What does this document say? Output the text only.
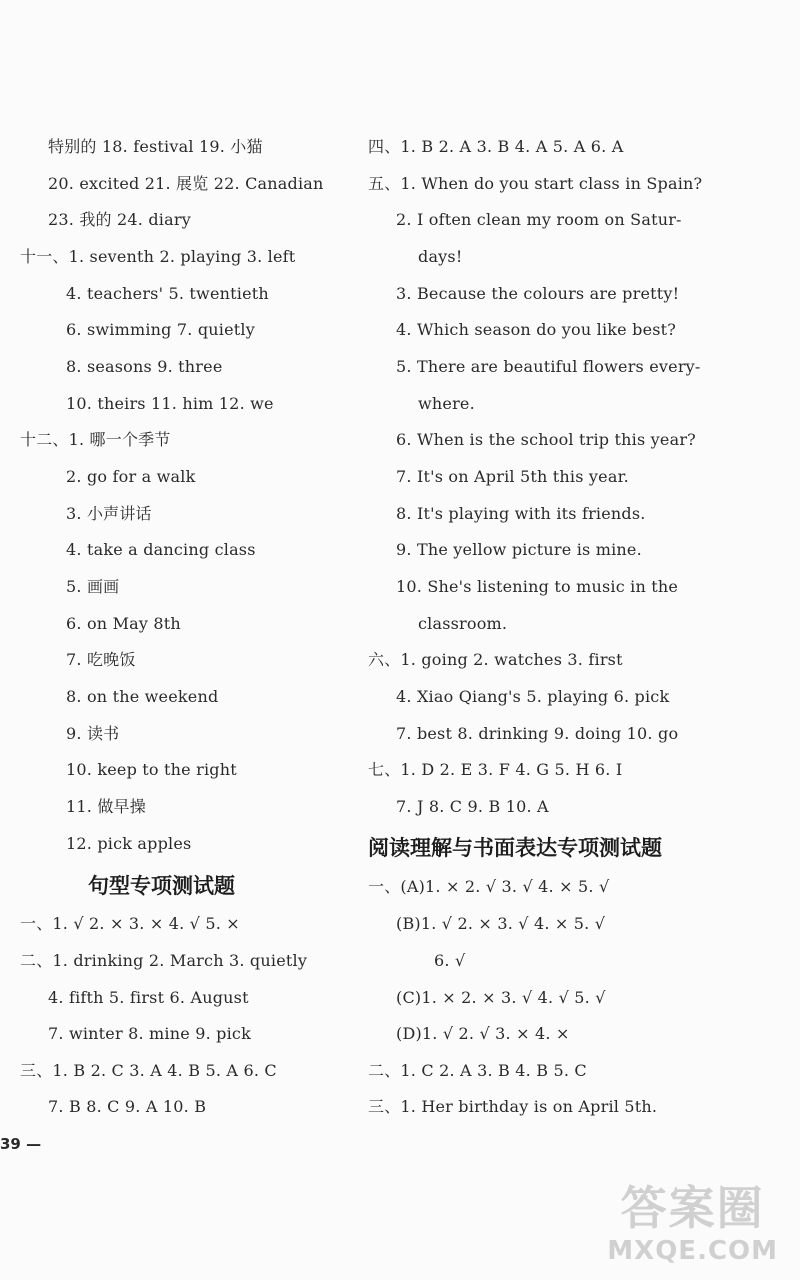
特别的 18. festival 19. 小猫
20. excited 21. 展览 22. Canadian
23. 我的 24. diary
十一、1. seventh 2. playing 3. left
4. teachers' 5. twentieth
6. swimming 7. quietly
8. seasons 9. three
10. theirs 11. him 12. we
十二、1. 哪一个季节
2. go for a walk
3. 小声讲话
4. take a dancing class
5. 画画
6. on May 8th
7. 吃晚饭
8. on the weekend
9. 读书
10. keep to the right
11. 做早操
12. pick apples
句型专项测试题
一、1. √ 2. × 3. × 4. √ 5. ×
二、1. drinking 2. March 3. quietly
4. fifth 5. first 6. August
7. winter 8. mine 9. pick
三、1. B 2. C 3. A 4. B 5. A 6. C
7. B 8. C 9. A 10. B
四、1. B 2. A 3. B 4. A 5. A 6. A
五、1. When do you start class in Spain?
2. I often clean my room on Satur-
days!
3. Because the colours are pretty!
4. Which season do you like best?
5. There are beautiful flowers every-
where.
6. When is the school trip this year?
7. It's on April 5th this year.
8. It's playing with its friends.
9. The yellow picture is mine.
10. She's listening to music in the
classroom.
六、1. going 2. watches 3. first
4. Xiao Qiang's 5. playing 6. pick
7. best 8. drinking 9. doing 10. go
七、1. D 2. E 3. F 4. G 5. H 6. I
7. J 8. C 9. B 10. A
阅读理解与书面表达专项测试题
一、(A)1. × 2. √ 3. √ 4. × 5. √
(B)1. √ 2. × 3. √ 4. × 5. √
6. √
(C)1. × 2. × 3. √ 4. √ 5. √
(D)1. √ 2. √ 3. × 4. ×
二、1. C 2. A 3. B 4. B 5. C
三、1. Her birthday is on April 5th.
39 —
答案圈
MXQE.COM
